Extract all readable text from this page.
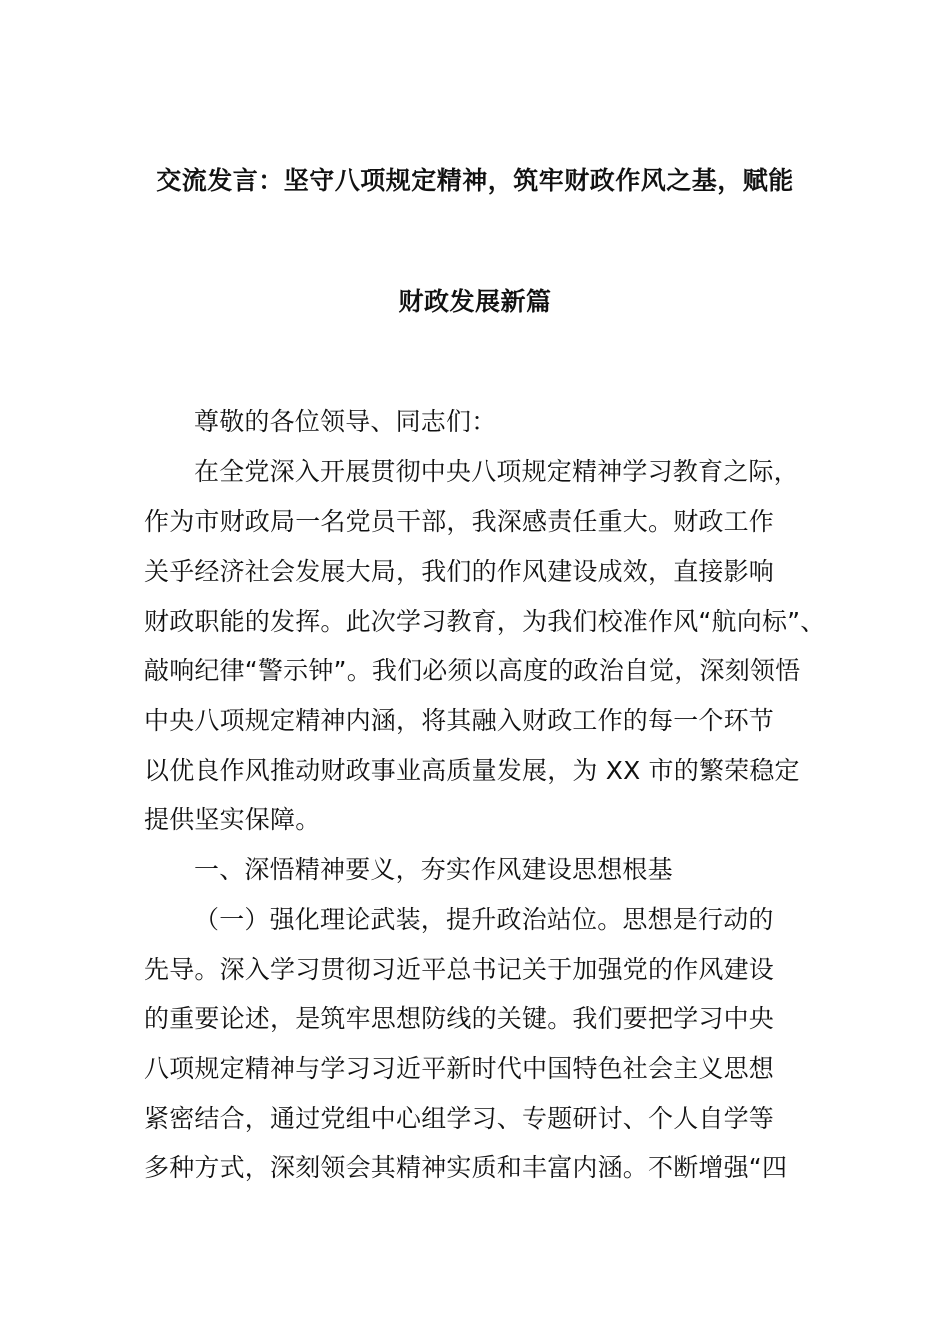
交流发言：坚守八项规定精神，筑牢财政作风之基，赋能
财政发展新篇
尊敬的各位领导、同志们：
在全党深入开展贯彻中央八项规定精神学习教育之际，
作为市财政局一名党员干部，我深感责任重大。财政工作
关乎经济社会发展大局，我们的作风建设成效，直接影响
财政职能的发挥。此次学习教育，为我们校准作风“航向标”、
敲响纪律“警示钟”。我们必须以高度的政治自觉，深刻领悟
中央八项规定精神内涵，将其融入财政工作的每一个环节
以优良作风推动财政事业高质量发展，为 XX 市的繁荣稳定
提供坚实保障。
一、深悟精神要义，夯实作风建设思想根基
（一）强化理论武装，提升政治站位。思想是行动的
先导。深入学习贯彻习近平总书记关于加强党的作风建设
的重要论述，是筑牢思想防线的关键。我们要把学习中央
八项规定精神与学习习近平新时代中国特色社会主义思想
紧密结合，通过党组中心组学习、专题研讨、个人自学等
多种方式，深刻领会其精神实质和丰富内涵。不断增强“四
